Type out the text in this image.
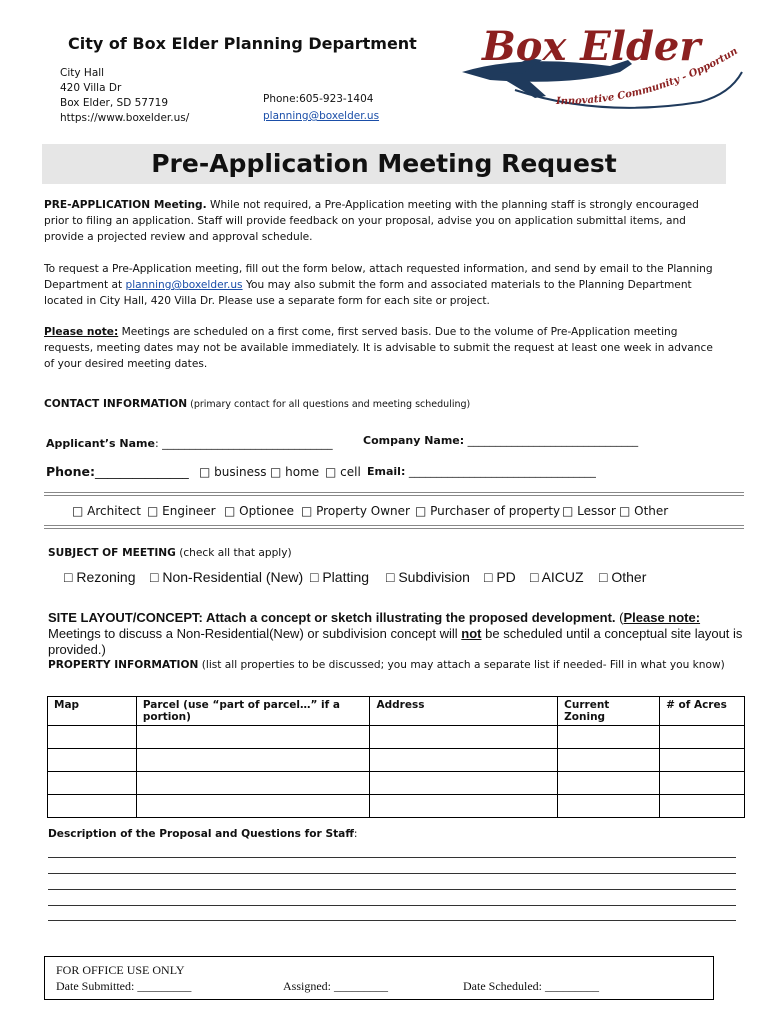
City of Box Elder Planning Department
City Hall
420 Villa Dr
Box Elder, SD 57719
https://www.boxelder.us/
Phone:605-923-1404
planning@boxelder.us
Box Elder
Innovative Community - Opportun
Pre-Application Meeting Request
PRE-APPLICATION Meeting. While not required, a Pre-Application meeting with the planning staff is strongly encouraged prior to filing an application. Staff will provide feedback on your proposal, advise you on application submittal items, and provide a projected review and approval schedule.
To request a Pre-Application meeting, fill out the form below, attach requested information, and send by email to the Planning Department at planning@boxelder.us You may also submit the form and associated materials to the Planning Department located in City Hall, 420 Villa Dr. Please use a separate form for each site or project.
Please note: Meetings are scheduled on a first come, first served basis. Due to the volume of Pre-Application meeting requests, meeting dates may not be available immediately. It is advisable to submit the request at least one week in advance of your desired meeting dates.
CONTACT INFORMATION (primary contact for all questions and meeting scheduling)
Applicant’s Name: _______________________________	Company Name: _______________________________
Phone:_______________ □ business □ home □ cell Email: __________________________________
□ Architect □ Engineer □ Optionee □ Property Owner □ Purchaser of property □ Lessor □ Other
SUBJECT OF MEETING (check all that apply)
□ Rezoning □ Non-Residential (New) □ Platting □ Subdivision □ PD □ AICUZ □ Other
SITE LAYOUT/CONCEPT: Attach a concept or sketch illustrating the proposed development. (Please note: Meetings to discuss a Non-Residential(New) or subdivision concept will not be scheduled until a conceptual site layout is provided.)
PROPERTY INFORMATION (list all properties to be discussed; you may attach a separate list if needed- Fill in what you know)
Map	Parcel (use “part of parcel…” if a portion)	Address	Current Zoning	# of Acres

Description of the Proposal and Questions for Staff:
FOR OFFICE USE ONLY
Date Submitted: _________	Assigned: _________	Date Scheduled: _________
